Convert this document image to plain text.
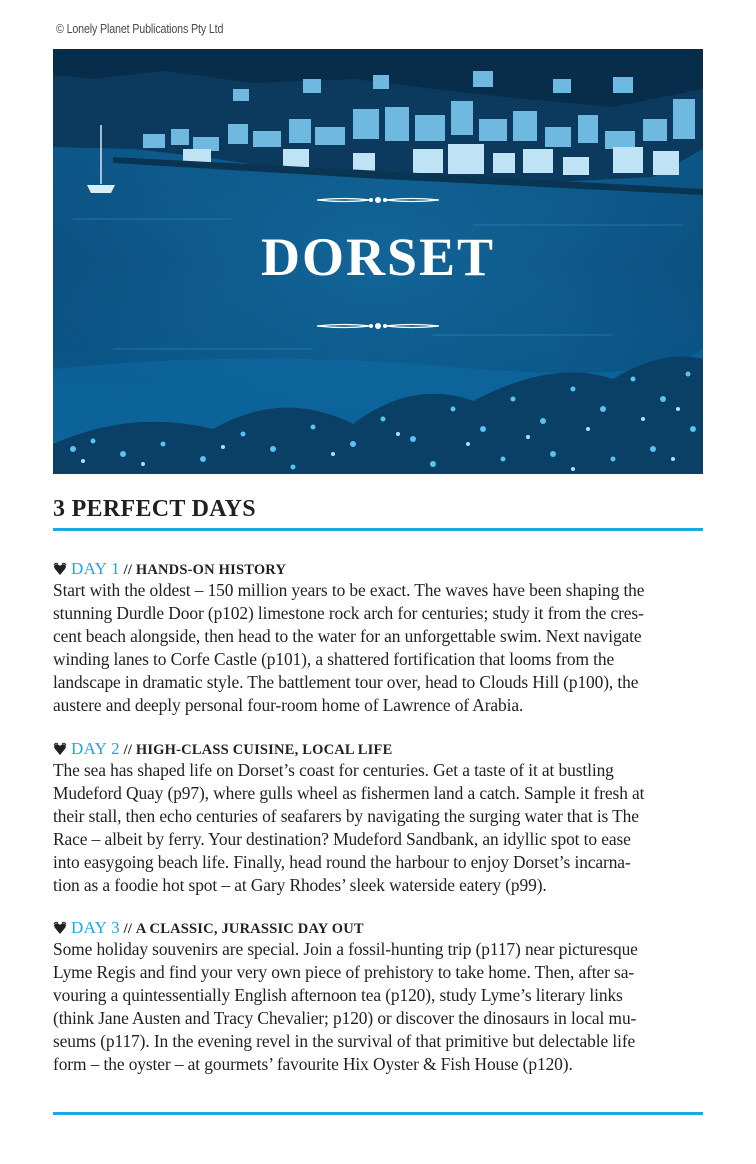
© Lonely Planet Publications Pty Ltd
DORSET
3 PERFECT DAYS
DAY 1 // HANDS-ON HISTORY

Start with the oldest – 150 million years to be exact. The waves have been shaping the
stunning Durdle Door (p102) limestone rock arch for centuries; study it from the cres-
cent beach alongside, then head to the water for an unforgettable swim. Next navigate
winding lanes to Corfe Castle (p101), a shattered fortification that looms from the
landscape in dramatic style. The battlement tour over, head to Clouds Hill (p100), the
austere and deeply personal four-room home of Lawrence of Arabia.

DAY 2 // HIGH-CLASS CUISINE, LOCAL LIFE

The sea has shaped life on Dorset’s coast for centuries. Get a taste of it at bustling
Mudeford Quay (p97), where gulls wheel as fishermen land a catch. Sample it fresh at
their stall, then echo centuries of seafarers by navigating the surging water that is The
Race – albeit by ferry. Your destination? Mudeford Sandbank, an idyllic spot to ease
into easygoing beach life. Finally, head round the harbour to enjoy Dorset’s incarna-
tion as a foodie hot spot – at Gary Rhodes’ sleek waterside eatery (p99).

DAY 3 // A CLASSIC, JURASSIC DAY OUT

Some holiday souvenirs are special. Join a fossil-hunting trip (p117) near picturesque
Lyme Regis and find your very own piece of prehistory to take home. Then, after sa-
vouring a quintessentially English afternoon tea (p120), study Lyme’s literary links
(think Jane Austen and Tracy Chevalier; p120) or discover the dinosaurs in local mu-
seums (p117). In the evening revel in the survival of that primitive but delectable life
form – the oyster – at gourmets’ favourite Hix Oyster & Fish House (p120).
